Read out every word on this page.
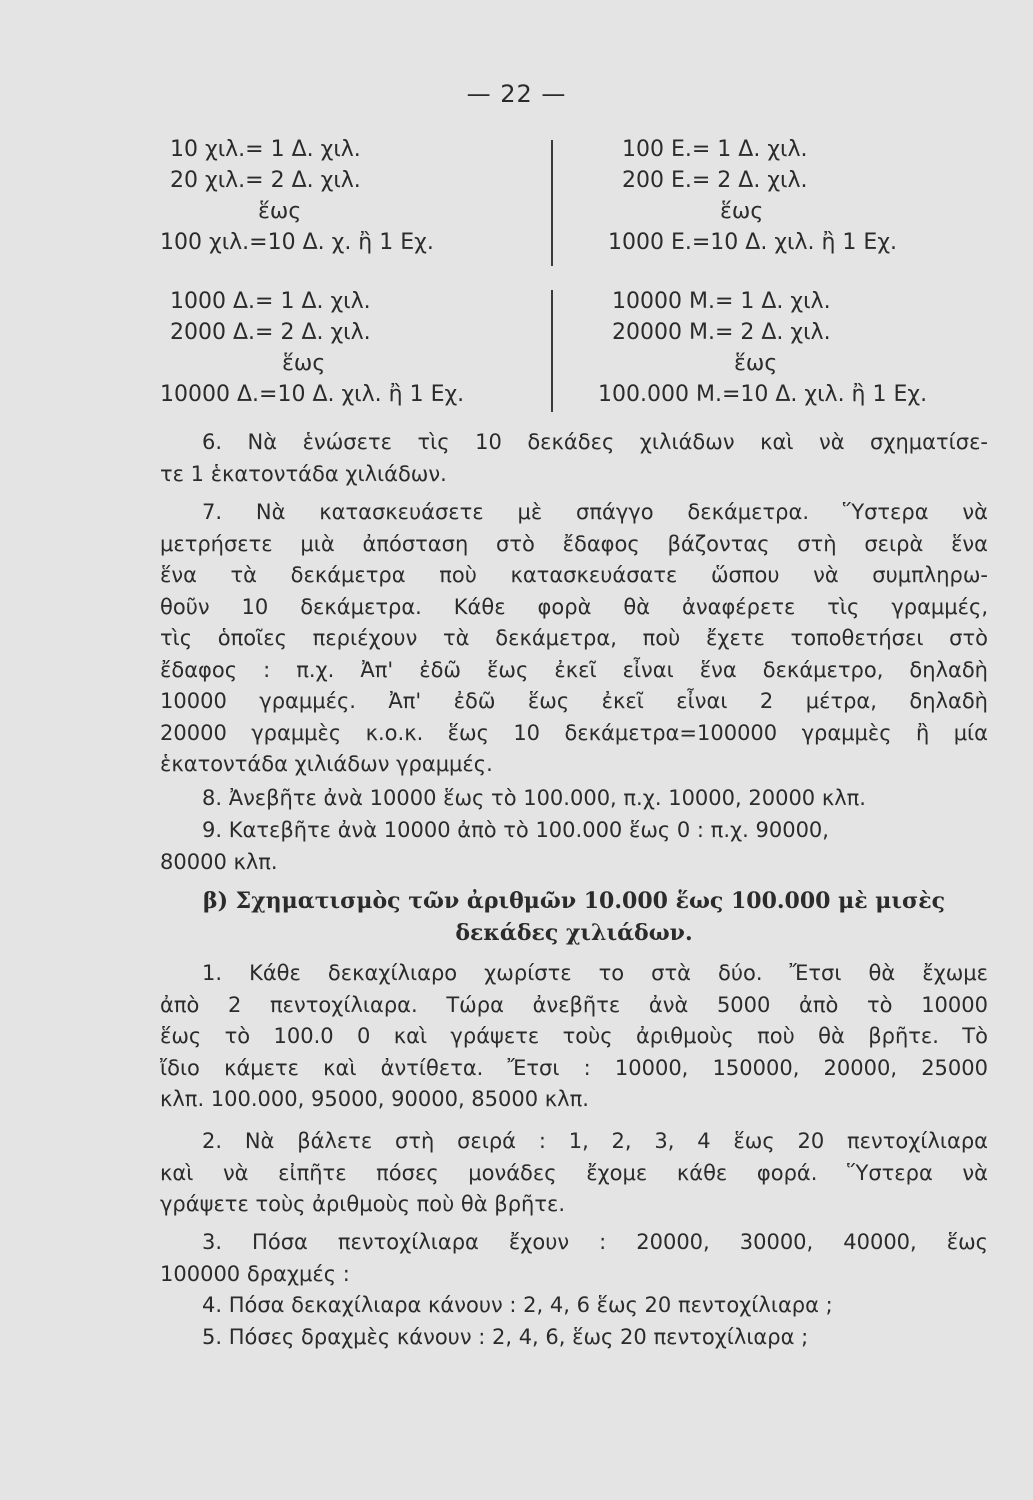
— 22 —
10 χιλ.= 1 Δ. χιλ.
20 χιλ.= 2 Δ. χιλ.
ἕως
100 χιλ.=10 Δ. χ. ἢ 1 Εχ.
100 Ε.= 1 Δ. χιλ.
200 Ε.= 2 Δ. χιλ.
ἕως
1000 Ε.=10 Δ. χιλ. ἢ 1 Εχ.
1000 Δ.= 1 Δ. χιλ.
2000 Δ.= 2 Δ. χιλ.
ἕως
10000 Δ.=10 Δ. χιλ. ἢ 1 Εχ.
10000 Μ.= 1 Δ. χιλ.
20000 Μ.= 2 Δ. χιλ.
ἕως
100.000 Μ.=10 Δ. χιλ. ἢ 1 Εχ.
6. Νὰ ἑνώσετε τὶς 10 δεκάδες χιλιάδων καὶ νὰ σχηματίσε-
τε 1 ἑκατοντάδα χιλιάδων.
7. Νὰ κατασκευάσετε μὲ σπάγγο δεκάμετρα. Ὕστερα νὰ
μετρήσετε μιὰ ἀπόσταση στὸ ἔδαφος βάζοντας στὴ σειρὰ ἕνα
ἕνα τὰ δεκάμετρα ποὺ κατασκευάσατε ὥσπου νὰ συμπληρω-
θοῦν 10 δεκάμετρα. Κάθε φορὰ θὰ ἀναφέρετε τὶς γραμμές,
τὶς ὁποῖες περιέχουν τὰ δεκάμετρα, ποὺ ἔχετε τοποθετήσει στὸ
ἔδαφος : π.χ. Ἀπ' ἐδῶ ἕως ἐκεῖ εἶναι ἕνα δεκάμετρο, δηλαδὴ
10000 γραμμές. Ἀπ' ἐδῶ ἕως ἐκεῖ εἶναι 2 μέτρα, δηλαδὴ
20000 γραμμὲς κ.ο.κ. ἕως 10 δεκάμετρα=100000 γραμμὲς ἢ μία
ἑκατοντάδα χιλιάδων γραμμές.
8. Ἀνεβῆτε ἀνὰ 10000 ἕως τὸ 100.000, π.χ. 10000, 20000 κλπ.
9. Κατεβῆτε ἀνὰ 10000 ἀπὸ τὸ 100.000 ἕως 0 : π.χ. 90000,
80000 κλπ.
β) Σχηματισμὸς τῶν ἀριθμῶν 10.000 ἕως 100.000 μὲ μισὲς
δεκάδες χιλιάδων.
1. Κάθε δεκαχίλιαρο χωρίστε το στὰ δύο. Ἔτσι θὰ ἔχωμε
ἀπὸ 2 πεντοχίλιαρα. Τώρα ἀνεβῆτε ἀνὰ 5000 ἀπὸ τὸ 10000
ἕως τὸ 100.0 0 καὶ γράψετε τοὺς ἀριθμοὺς ποὺ θὰ βρῆτε. Τὸ
ἴδιο κάμετε καὶ ἀντίθετα. Ἔτσι : 10000, 150000, 20000, 25000
κλπ. 100.000, 95000, 90000, 85000 κλπ.
2. Νὰ βάλετε στὴ σειρά : 1, 2, 3, 4 ἕως 20 πεντοχίλιαρα
καὶ νὰ εἰπῆτε πόσες μονάδες ἔχομε κάθε φορά. Ὕστερα νὰ
γράψετε τοὺς ἀριθμοὺς ποὺ θὰ βρῆτε.
3. Πόσα πεντοχίλιαρα ἔχουν : 20000, 30000, 40000, ἕως
100000 δραχμές :
4. Πόσα δεκαχίλιαρα κάνουν : 2, 4, 6 ἕως 20 πεντοχίλιαρα ;
5. Πόσες δραχμὲς κάνουν : 2, 4, 6, ἕως 20 πεντοχίλιαρα ;
